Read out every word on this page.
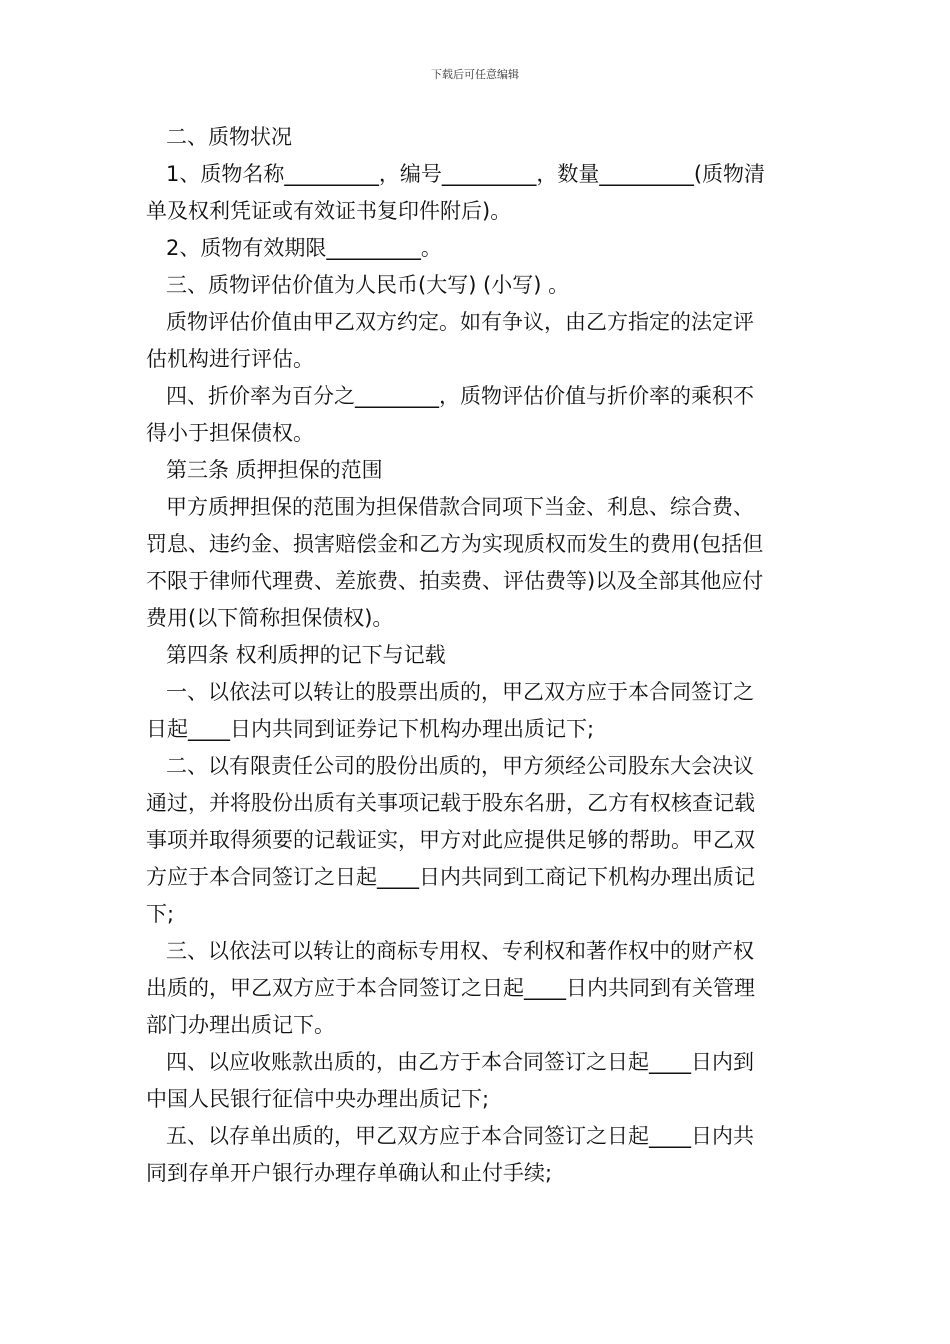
下载后可任意编辑

二、质物状况

1、质物名称_________，编号_________，数量_________(质物清
单及权利凭证或有效证书复印件附后)。

2、质物有效期限_________。

三、质物评估价值为人民币(大写) (小写) 。

质物评估价值由甲乙双方约定。如有争议，由乙方指定的法定评
估机构进行评估。

四、折价率为百分之________，质物评估价值与折价率的乘积不
得小于担保债权。

第三条 质押担保的范围

甲方质押担保的范围为担保借款合同项下当金、利息、综合费、
罚息、违约金、损害赔偿金和乙方为实现质权而发生的费用(包括但
不限于律师代理费、差旅费、拍卖费、评估费等)以及全部其他应付
费用(以下简称担保债权)。

第四条 权利质押的记下与记载

一、以依法可以转让的股票出质的，甲乙双方应于本合同签订之
日起____日内共同到证券记下机构办理出质记下;

二、以有限责任公司的股份出质的，甲方须经公司股东大会决议
通过，并将股份出质有关事项记载于股东名册，乙方有权核查记载
事项并取得须要的记载证实，甲方对此应提供足够的帮助。甲乙双
方应于本合同签订之日起____日内共同到工商记下机构办理出质记
下;

三、以依法可以转让的商标专用权、专利权和著作权中的财产权
出质的，甲乙双方应于本合同签订之日起____日内共同到有关管理
部门办理出质记下。

四、以应收账款出质的，由乙方于本合同签订之日起____日内到
中国人民银行征信中央办理出质记下;

五、以存单出质的，甲乙双方应于本合同签订之日起____日内共
同到存单开户银行办理存单确认和止付手续;
